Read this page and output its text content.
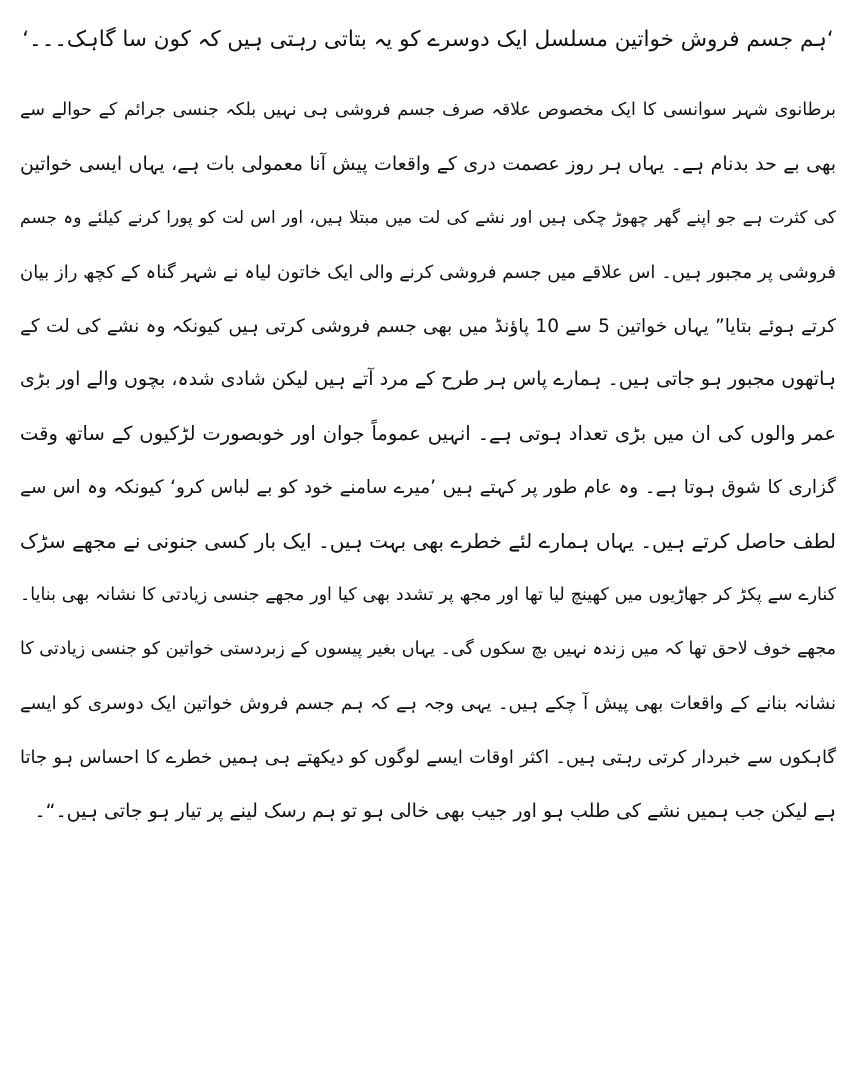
‘ہم جسم فروش خواتین مسلسل ایک دوسرے کو یہ بتاتی رہتی ہیں کہ کون سا گاہک۔۔۔‘
برطانوی شہر سوانسی کا ایک مخصوص علاقہ صرف جسم فروشی ہی نہیں بلکہ جنسی جرائم کے حوالے سے
بھی بے حد بدنام ہے۔ یہاں ہر روز عصمت دری کے واقعات پیش آنا معمولی بات ہے، یہاں ایسی خواتین
کی کثرت ہے جو اپنے گھر چھوڑ چکی ہیں اور نشے کی لت میں مبتلا ہیں، اور اس لت کو پورا کرنے کیلئے وہ جسم
فروشی پر مجبور ہیں۔ اس علاقے میں جسم فروشی کرنے والی ایک خاتون لیاہ نے شہر گناہ کے کچھ راز بیان
کرتے ہوئے بتایا” یہاں خواتین 5 سے 10 پاﺅنڈ میں بھی جسم فروشی کرتی ہیں کیونکہ وہ نشے کی لت کے
ہاتھوں مجبور ہو جاتی ہیں۔ ہمارے پاس ہر طرح کے مرد آتے ہیں لیکن شادی شدہ، بچوں والے اور بڑی
عمر والوں کی ان میں بڑی تعداد ہوتی ہے۔ انہیں عموماً جوان اور خوبصورت لڑکیوں کے ساتھ وقت
گزاری کا شوق ہوتا ہے۔ وہ عام طور پر کہتے ہیں ’میرے سامنے خود کو بے لباس کرو‘ کیونکہ وہ اس سے
لطف حاصل کرتے ہیں۔ یہاں ہمارے لئے خطرے بھی بہت ہیں۔ ایک بار کسی جنونی نے مجھے سڑک
کنارے سے پکڑ کر جھاڑیوں میں کھینچ لیا تھا اور مجھ پر تشدد بھی کیا اور مجھے جنسی زیادتی کا نشانہ بھی بنایا۔
مجھے خوف لاحق تھا کہ میں زندہ نہیں بچ سکوں گی۔ یہاں بغیر پیسوں کے زبردستی خواتین کو جنسی زیادتی کا
نشانہ بنانے کے واقعات بھی پیش آ چکے ہیں۔ یہی وجہ ہے کہ ہم جسم فروش خواتین ایک دوسری کو ایسے
گاہکوں سے خبردار کرتی رہتی ہیں۔ اکثر اوقات ایسے لوگوں کو دیکھتے ہی ہمیں خطرے کا احساس ہو جاتا
ہے لیکن جب ہمیں نشے کی طلب ہو اور جیب بھی خالی ہو تو ہم رسک لینے پر تیار ہو جاتی ہیں۔“۔
